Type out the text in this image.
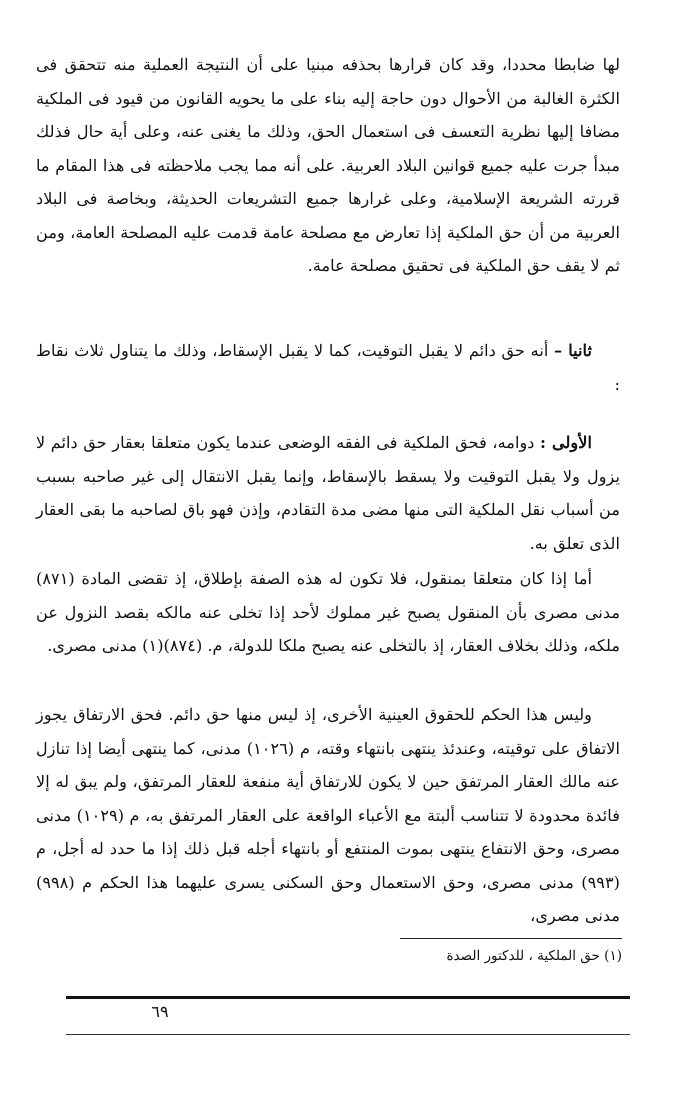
لها ضابطا محددا، وقد كان قرارها بحذفه مبنيا على أن النتيجة العملية منه تتحقق فى الكثرة الغالبة من الأحوال دون حاجة إليه بناء على ما يحويه القانون من قيود فى الملكية مضافا إليها نظرية التعسف فى استعمال الحق، وذلك ما يغنى عنه، وعلى أية حال فذلك مبدأ جرت عليه جميع قوانين البلاد العربية. على أنه مما يجب ملاحظته فى هذا المقام ما قررته الشريعة الإسلامية، وعلى غرارها جميع التشريعات الحديثة، وبخاصة فى البلاد العربية من أن حق الملكية إذا تعارض مع مصلحة عامة قدمت عليه المصلحة العامة، ومن ثم لا يقف حق الملكية فى تحقيق مصلحة عامة.

ثانيا – أنه حق دائم لا يقبل التوقيت، كما لا يقبل الإسقاط، وذلك ما يتناول ثلاث نقاط :

الأولى : دوامه، فحق الملكية فى الفقه الوضعى عندما يكون متعلقا بعقار حق دائم لا يزول ولا يقبل التوقيت ولا يسقط بالإسقاط، وإنما يقبل الانتقال إلى غير صاحبه بسبب من أسباب نقل الملكية التى منها مضى مدة التقادم، وإذن فهو باق لصاحبه ما بقى العقار الذى تعلق به.

أما إذا كان متعلقا بمنقول، فلا تكون له هذه الصفة بإطلاق، إذ تقضى المادة (٨٧١) مدنى مصرى بأن المنقول يصبح غير مملوك لأحد إذا تخلى عنه مالكه بقصد النزول عن ملكه، وذلك بخلاف العقار، إذ بالتخلى عنه يصبح ملكا للدولة، م. (٨٧٤)(١) مدنى مصرى.

وليس هذا الحكم للحقوق العينية الأخرى، إذ ليس منها حق دائم. فحق الارتفاق يجوز الاتفاق على توقيته، وعندئذ ينتهى بانتهاء وقته، م (١٠٢٦) مدنى، كما ينتهى أيضا إذا تنازل عنه مالك العقار المرتفق حين لا يكون للارتفاق أية منفعة للعقار المرتفق، ولم يبق له إلا فائدة محدودة لا تتناسب ألبتة مع الأعباء الواقعة على العقار المرتفق به، م (١٠٢٩) مدنى مصرى، وحق الانتفاع ينتهى بموت المنتفع أو بانتهاء أجله قبل ذلك إذا ما حدد له أجل، م (٩٩٣) مدنى مصرى، وحق الاستعمال وحق السكنى يسرى عليهما هذا الحكم م (٩٩٨) مدنى مصرى،

(١) حق الملكية ، للدكتور الصدة
٦٩
